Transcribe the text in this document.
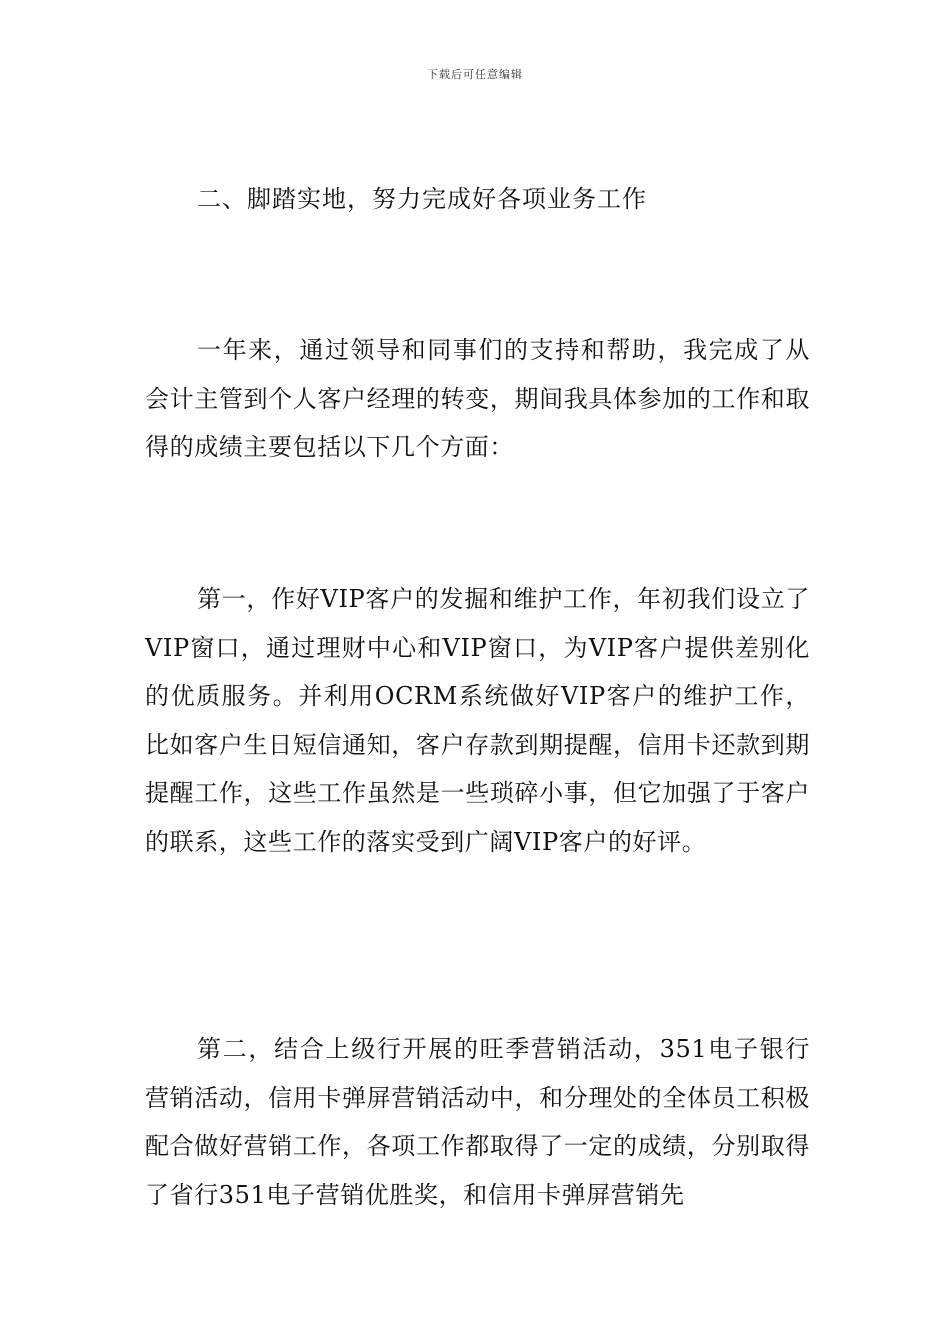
下载后可任意编辑
二、脚踏实地，努力完成好各项业务工作

一年来，通过领导和同事们的支持和帮助，我完成了从会计主管到个人客户经理的转变，期间我具体参加的工作和取得的成绩主要包括以下几个方面：

第一，作好VIP客户的发掘和维护工作，年初我们设立了VIP窗口，通过理财中心和VIP窗口，为VIP客户提供差别化的优质服务。并利用OCRM系统做好VIP客户的维护工作，比如客户生日短信通知，客户存款到期提醒，信用卡还款到期提醒工作，这些工作虽然是一些琐碎小事，但它加强了于客户的联系，这些工作的落实受到广阔VIP客户的好评。

第二，结合上级行开展的旺季营销活动，351电子银行营销活动，信用卡弹屏营销活动中，和分理处的全体员工积极配合做好营销工作，各项工作都取得了一定的成绩，分别取得了省行351电子营销优胜奖，和信用卡弹屏营销先
